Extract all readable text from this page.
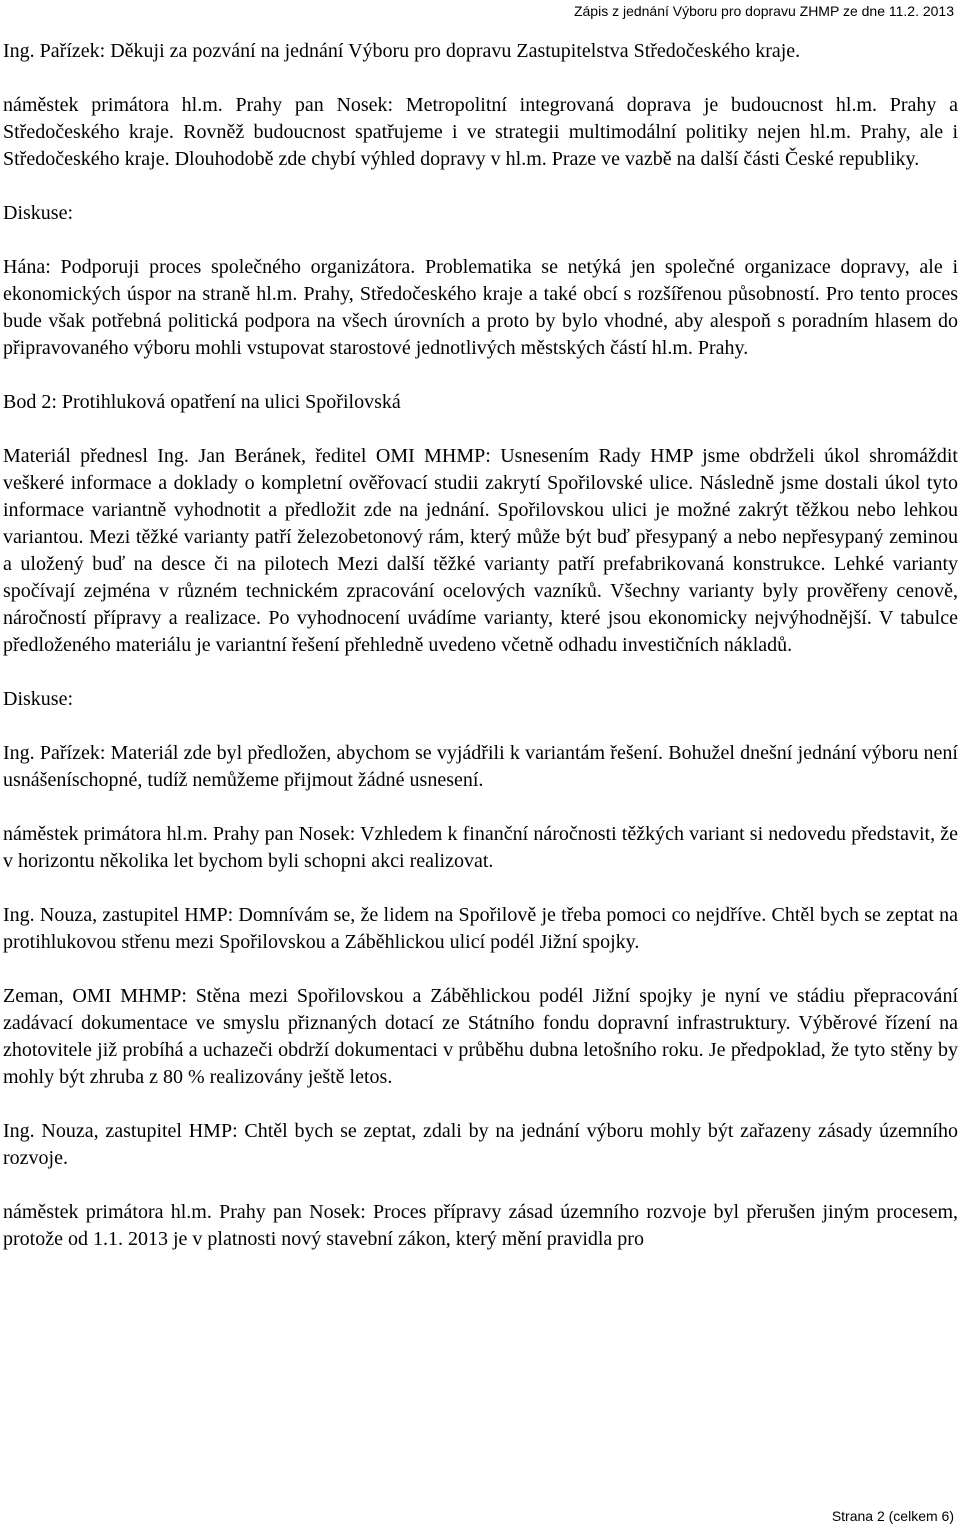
Zápis z jednání Výboru pro dopravu ZHMP ze dne 11.2. 2013

Ing. Pařízek: Děkuji za pozvání na jednání Výboru pro dopravu Zastupitelstva Středočeského kraje.

náměstek primátora hl.m. Prahy pan Nosek: Metropolitní integrovaná doprava je budoucnost hl.m. Prahy a Středočeského kraje. Rovněž budoucnost spatřujeme i ve strategii multimodální politiky nejen hl.m. Prahy, ale i Středočeského kraje. Dlouhodobě zde chybí výhled dopravy v hl.m. Praze ve vazbě na další části České republiky.

Diskuse:

Hána: Podporuji proces společného organizátora. Problematika se netýká jen společné organizace dopravy, ale i ekonomických úspor na straně hl.m. Prahy, Středočeského kraje a také obcí s rozšířenou působností. Pro tento proces bude však potřebná politická podpora na všech úrovních a proto by bylo vhodné, aby alespoň s poradním hlasem do připravovaného výboru mohli vstupovat starostové jednotlivých městských částí hl.m. Prahy.

Bod 2: Protihluková opatření na ulici Spořilovská

Materiál přednesl Ing. Jan Beránek, ředitel OMI MHMP: Usnesením Rady HMP jsme obdrželi úkol shromáždit veškeré informace a doklady o kompletní ověřovací studii zakrytí Spořilovské ulice. Následně jsme dostali úkol tyto informace variantně vyhodnotit a předložit zde na jednání. Spořilovskou ulici je možné zakrýt těžkou nebo lehkou variantou. Mezi těžké varianty patří železobetonový rám, který může být buď přesypaný a nebo nepřesypaný zeminou a uložený buď na desce či na pilotech Mezi další těžké varianty patří prefabrikovaná konstrukce. Lehké varianty spočívají zejména v různém technickém zpracování ocelových vazníků. Všechny varianty byly prověřeny cenově, náročností přípravy a realizace. Po vyhodnocení uvádíme varianty, které jsou ekonomicky nejvýhodnější. V tabulce předloženého materiálu je variantní řešení přehledně uvedeno včetně odhadu investičních nákladů.

Diskuse:

Ing. Pařízek: Materiál zde byl předložen, abychom se vyjádřili k variantám řešení. Bohužel dnešní jednání výboru není usnášeníschopné, tudíž nemůžeme přijmout žádné usnesení.

náměstek primátora hl.m. Prahy pan Nosek: Vzhledem k finanční náročnosti těžkých variant si nedovedu představit, že v horizontu několika let bychom byli schopni akci realizovat.

Ing. Nouza, zastupitel HMP: Domnívám se, že lidem na Spořilově je třeba pomoci co nejdříve. Chtěl bych se zeptat na protihlukovou střenu mezi Spořilovskou a Záběhlickou ulicí podél Jižní spojky.

Zeman, OMI MHMP: Stěna mezi Spořilovskou a Záběhlickou podél Jižní spojky je nyní ve stádiu přepracování zadávací dokumentace ve smyslu přiznaných dotací ze Státního fondu dopravní infrastruktury. Výběrové řízení na zhotovitele již probíhá a uchazeči obdrží dokumentaci v průběhu dubna letošního roku. Je předpoklad, že tyto stěny by mohly být zhruba z 80 % realizovány ještě letos.

Ing. Nouza, zastupitel HMP: Chtěl bych se zeptat, zdali by na jednání výboru mohly být zařazeny zásady územního rozvoje.

náměstek primátora hl.m. Prahy pan Nosek: Proces přípravy zásad územního rozvoje byl přerušen jiným procesem, protože od 1.1. 2013 je v platnosti nový stavební zákon, který mění pravidla pro

Strana 2 (celkem 6)
